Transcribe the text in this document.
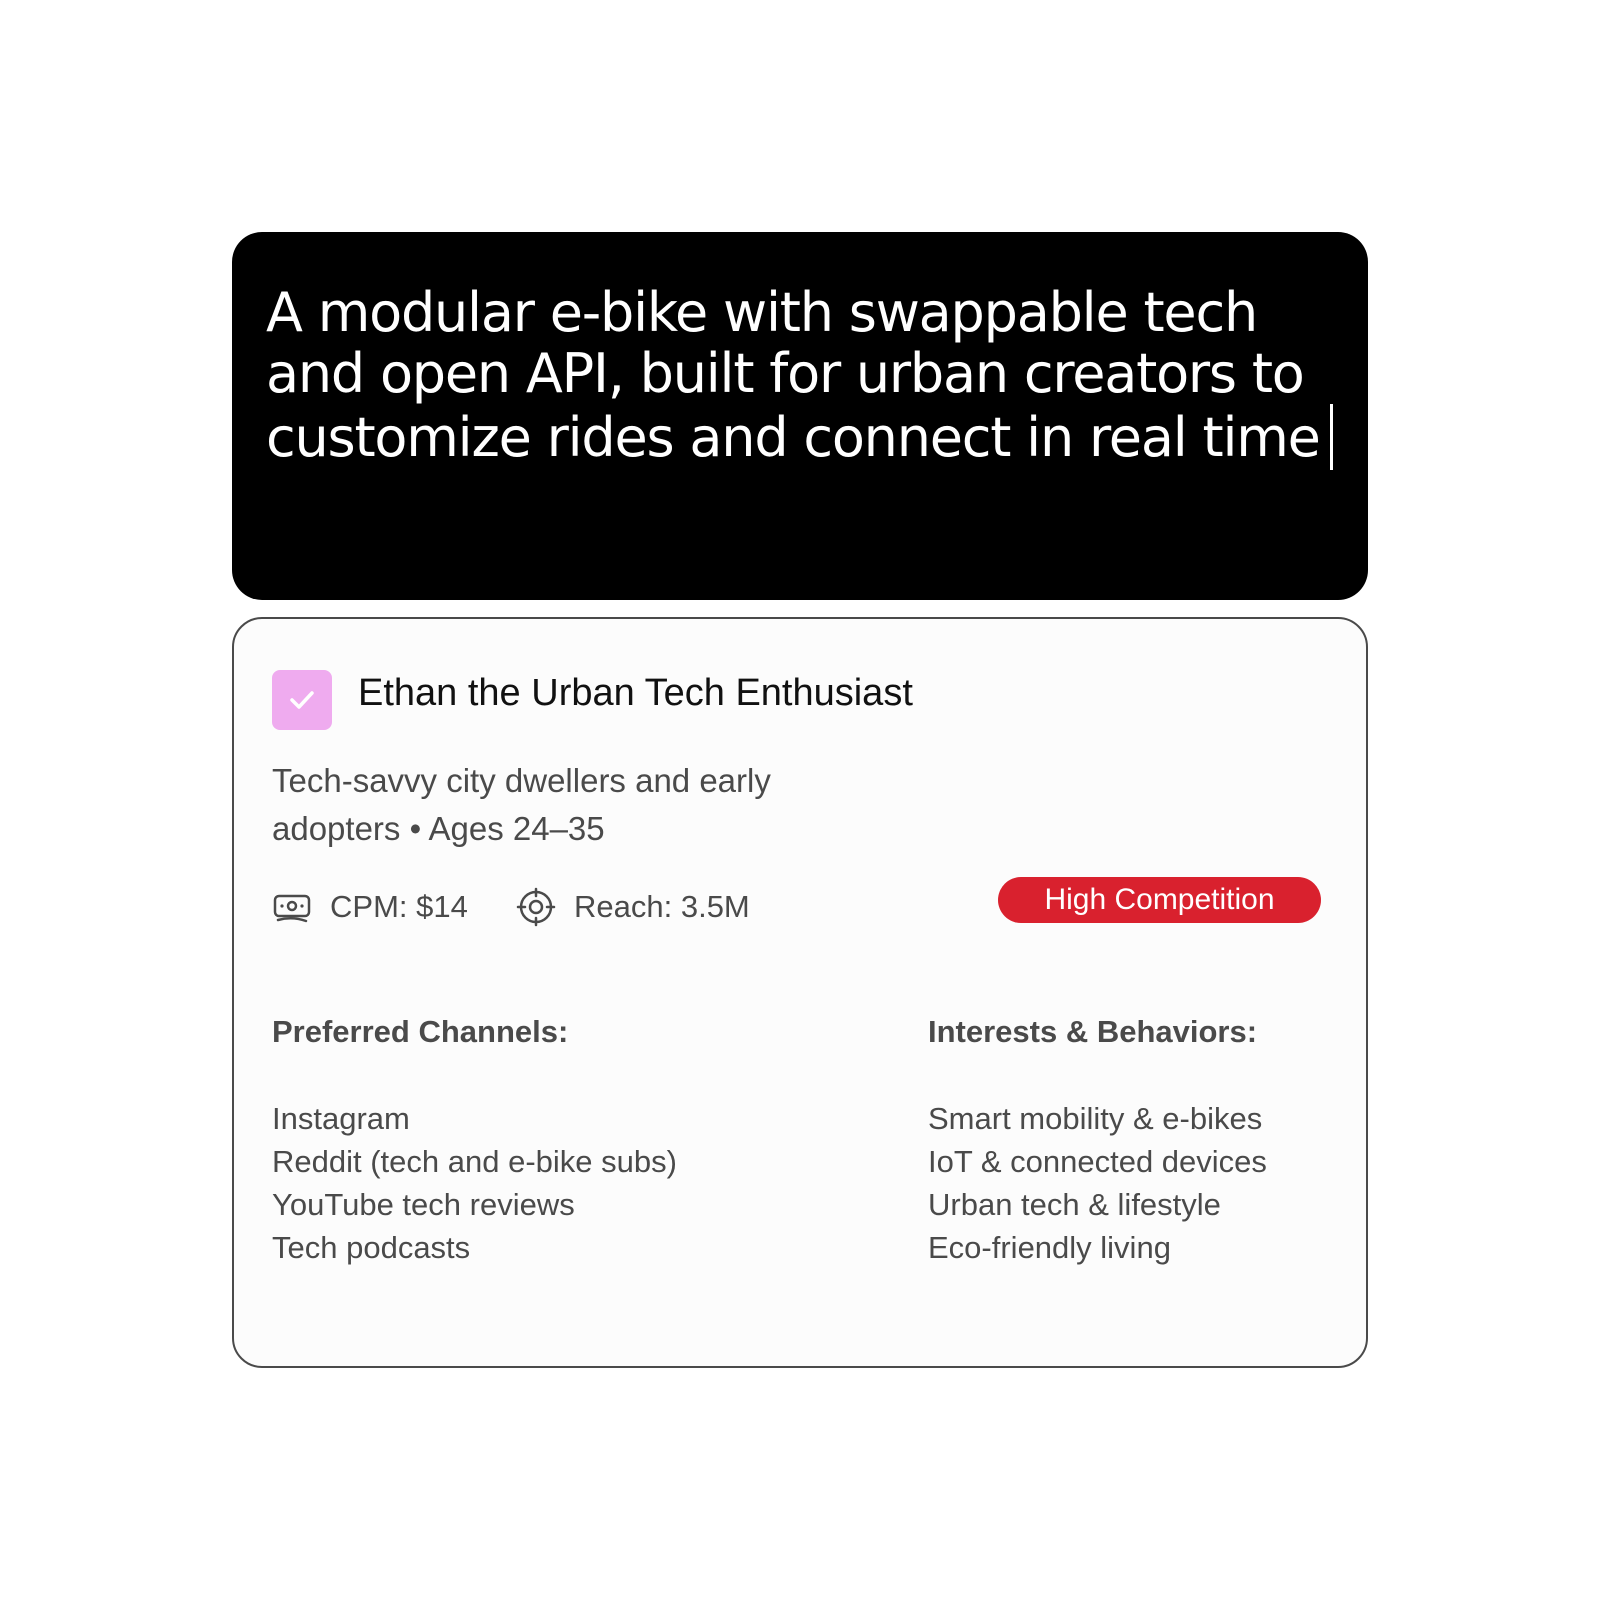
A modular e-bike with swappable tech and open API, built for urban creators to customize rides and connect in real time

Ethan the Urban Tech Enthusiast

Tech-savvy city dwellers and early adopters • Ages 24–35

CPM: $14	Reach: 3.5M	High Competition
Preferred Channels:
Instagram
Reddit (tech and e-bike subs)
YouTube tech reviews
Tech podcasts
Interests & Behaviors:
Smart mobility & e-bikes
IoT & connected devices
Urban tech & lifestyle
Eco-friendly living
